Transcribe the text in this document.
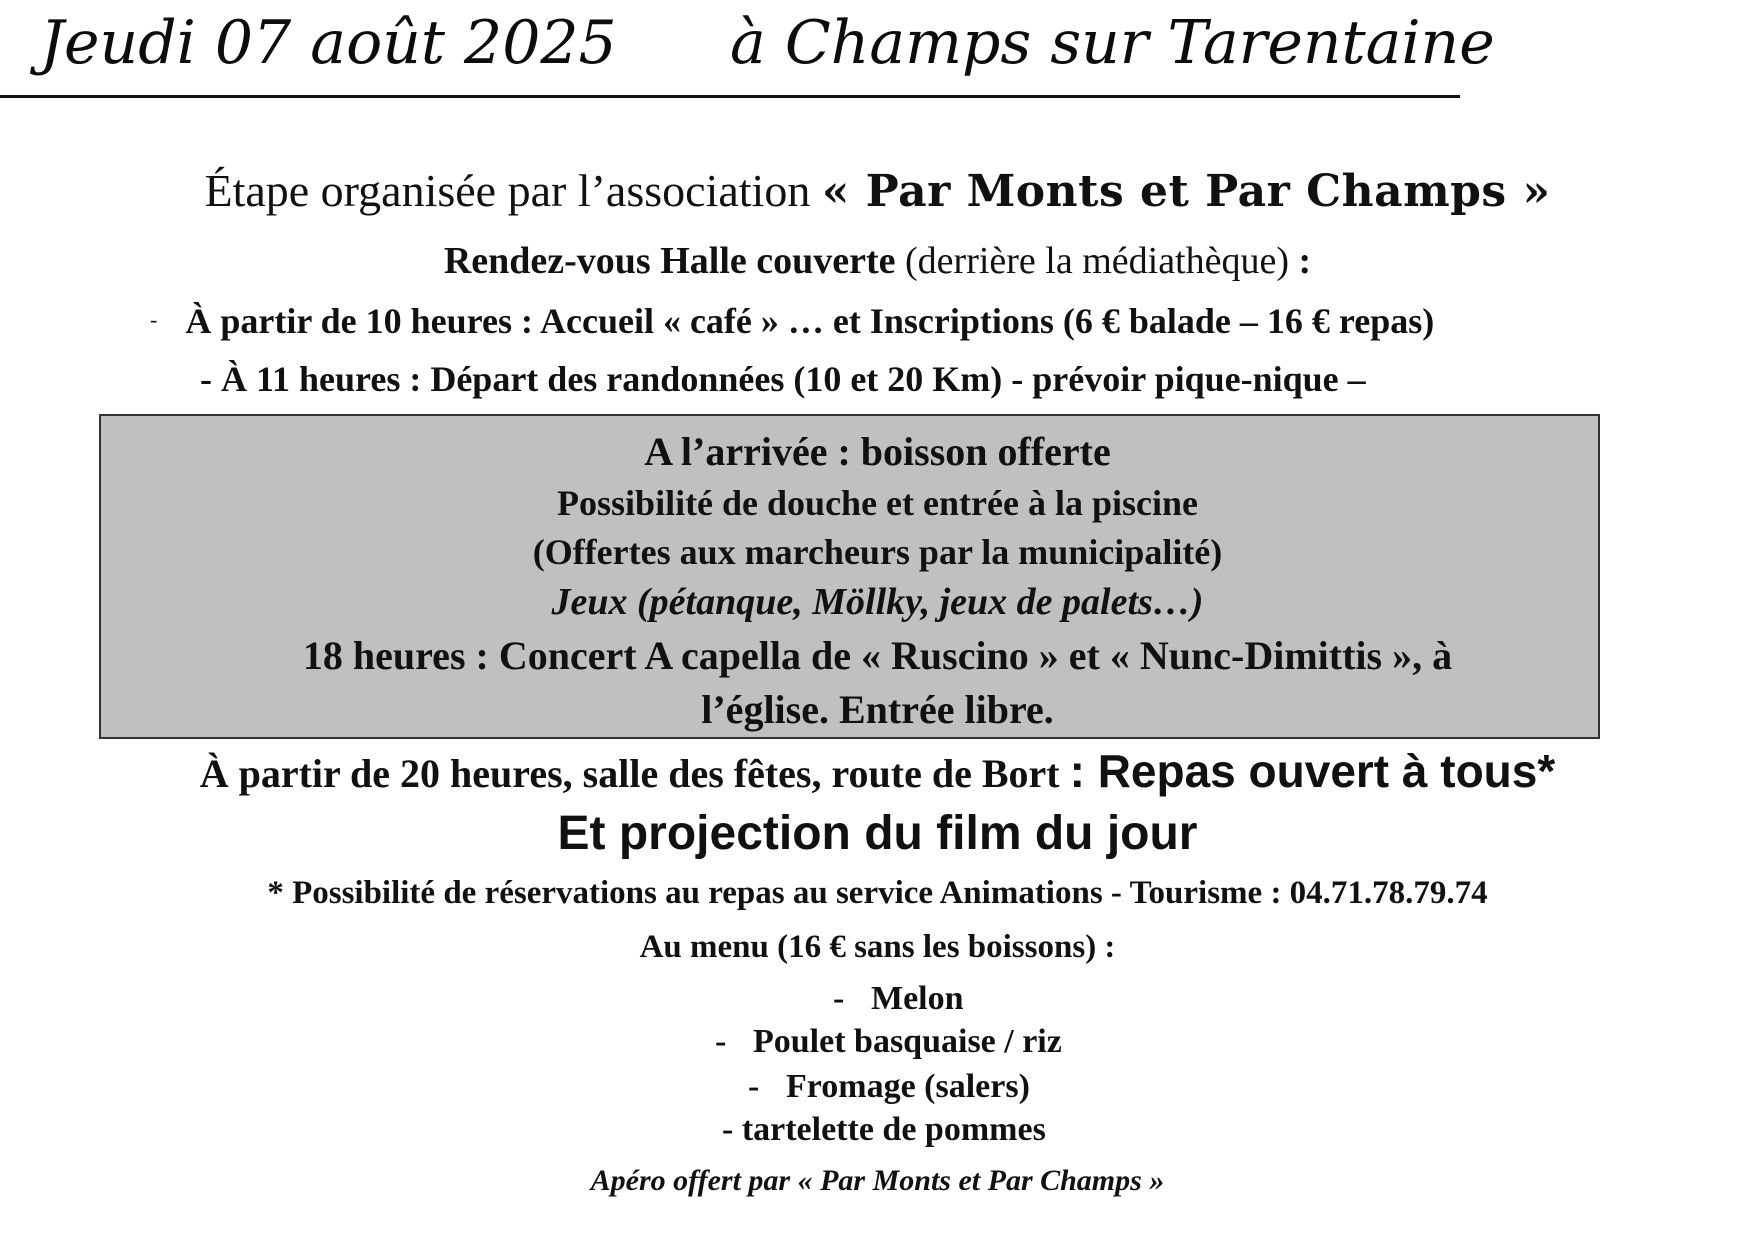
Jeudi 07 août 2025 à Champs sur Tarentaine
Étape organisée par l’association « Par Monts et Par Champs »
Rendez-vous Halle couverte (derrière la médiathèque) :
- À partir de 10 heures : Accueil « café » … et Inscriptions (6 € balade – 16 € repas)
- À 11 heures : Départ des randonnées (10 et 20 Km) - prévoir pique-nique –
A l’arrivée : boisson offerte
Possibilité de douche et entrée à la piscine
(Offertes aux marcheurs par la municipalité)
Jeux (pétanque, Möllky, jeux de palets…)
18 heures : Concert A capella de « Ruscino » et « Nunc-Dimittis », à
l’église. Entrée libre.
À partir de 20 heures, salle des fêtes, route de Bort : Repas ouvert à tous*
Et projection du film du jour
* Possibilité de réservations au repas au service Animations - Tourisme : 04.71.78.79.74
Au menu (16 € sans les boissons) :
- Melon
- Poulet basquaise / riz
- Fromage (salers)
- tartelette de pommes
Apéro offert par « Par Monts et Par Champs »
